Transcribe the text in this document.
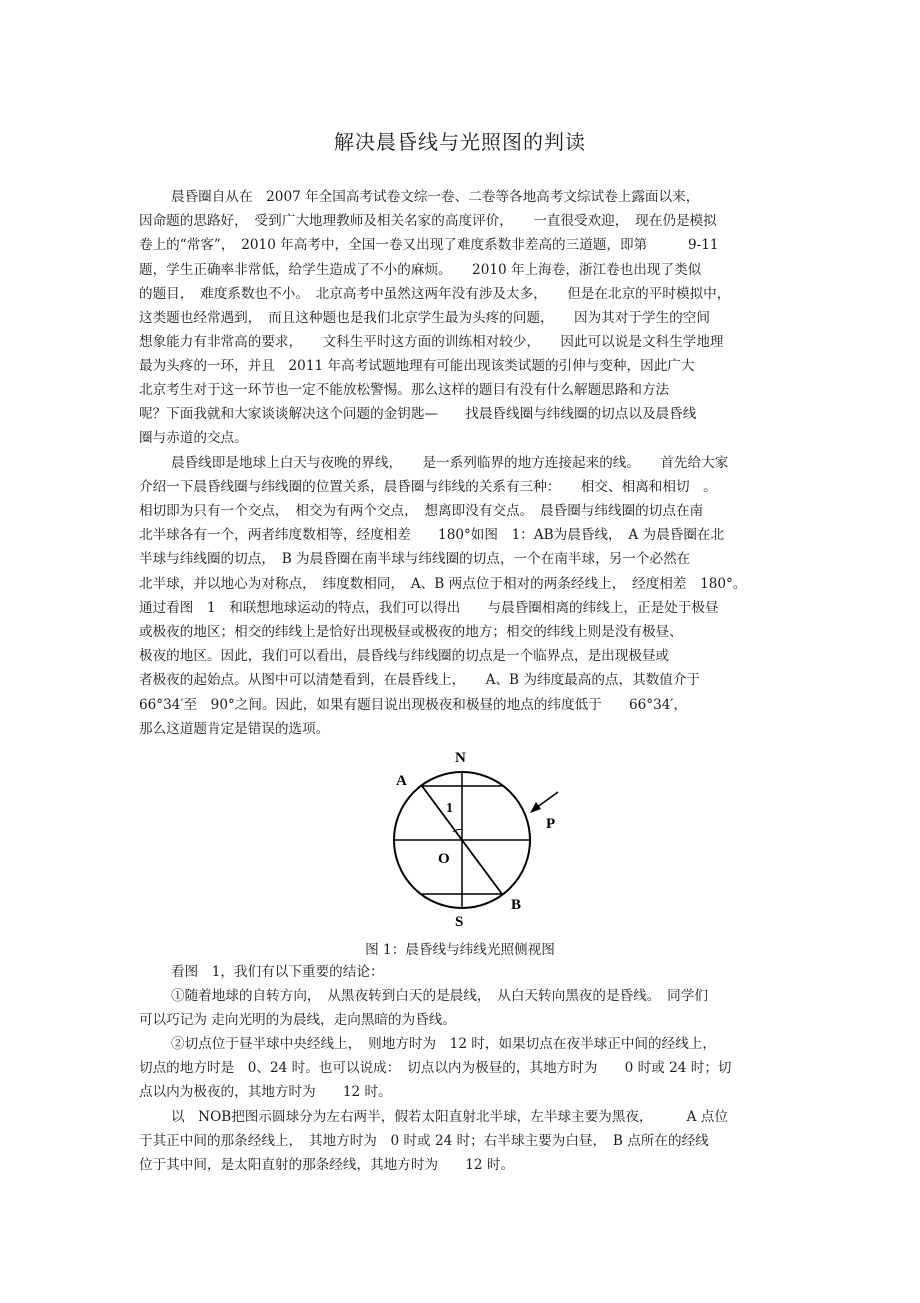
解决晨昏线与光照图的判读
晨昏圈自从在　2007 年全国高考试卷文综一卷、二卷等各地高考文综试卷上露面以来，
因命题的思路好，　受到广大地理教师及相关名家的高度评价，　　一直很受欢迎，　现在仍是模拟
卷上的“常客”，　2010 年高考中，全国一卷又出现了难度系数非差高的三道题，即第　　　9-11
题，学生正确率非常低，给学生造成了不小的麻烦。　　2010 年上海卷，浙江卷也出现了类似
的题目，　难度系数也不小。　北京高考中虽然这两年没有涉及太多，　　但是在北京的平时模拟中，
这类题也经常遇到，　而且这种题也是我们北京学生最为头疼的问题，　　因为其对于学生的空间
想象能力有非常高的要求，　　文科生平时这方面的训练相对较少，　　因此可以说是文科生学地理
最为头疼的一环，并且　2011 年高考试题地理有可能出现该类试题的引伸与变种，因此广大
北京考生对于这一环节也一定不能放松警惕。那么这样的题目有没有什么解题思路和方法
呢？下面我就和大家谈谈解决这个问题的金钥匙—　　找晨昏线圈与纬线圈的切点以及晨昏线
圈与赤道的交点。
晨昏线即是地球上白天与夜晚的界线，　　是一系列临界的地方连接起来的线。　　首先给大家
介绍一下晨昏线圈与纬线圈的位置关系，晨昏圈与纬线的关系有三种：　　相交、相离和相切　。
相切即为只有一个交点，　相交为有两个交点，　想离即没有交点。　晨昏圈与纬线圈的切点在南
北半球各有一个，两者纬度数相等，经度相差　　180°如图　1：AB为晨昏线，　A 为晨昏圈在北
半球与纬线圈的切点，　B 为晨昏圈在南半球与纬线圈的切点，一个在南半球，另一个必然在
北半球，并以地心为对称点，　纬度数相同，　A、B 两点位于相对的两条经线上，　经度相差　180°。
通过看图　1　和联想地球运动的特点，我们可以得出　　与晨昏圈相离的纬线上，正是处于极昼
或极夜的地区；相交的纬线上是恰好出现极昼或极夜的地方；相交的纬线上则是没有极昼、
极夜的地区。因此，我们可以看出，晨昏线与纬线圈的切点是一个临界点，是出现极昼或
者极夜的起始点。从图中可以清楚看到，在晨昏线上，　　A、B 为纬度最高的点，其数值介于
66°34′至　90°之间。因此，如果有题目说出现极夜和极昼的地点的纬度低于　　66°34′，
那么这道题肯定是错误的选项。
N
S
A
B
O
P
1
图 1：晨昏线与纬线光照侧视图
看图　1，我们有以下重要的结论：
①随着地球的自转方向，　从黑夜转到白天的是晨线，　从白天转向黑夜的是昏线。　同学们
可以巧记为 走向光明的为晨线，走向黑暗的为昏线。
②切点位于昼半球中央经线上，　则地方时为　12 时，如果切点在夜半球正中间的经线上，
切点的地方时是　0、24 时。也可以说成：　切点以内为极昼的，其地方时为　　0 时或 24 时；切
点以内为极夜的，其地方时为　　12 时。
以　NOB把图示圆球分为左右两半，假若太阳直射北半球，左半球主要为黑夜，　　　A 点位
于其正中间的那条经线上，　其地方时为　0 时或 24 时；右半球主要为白昼，　B 点所在的经线
位于其中间，是太阳直射的那条经线，其地方时为　　12 时。
